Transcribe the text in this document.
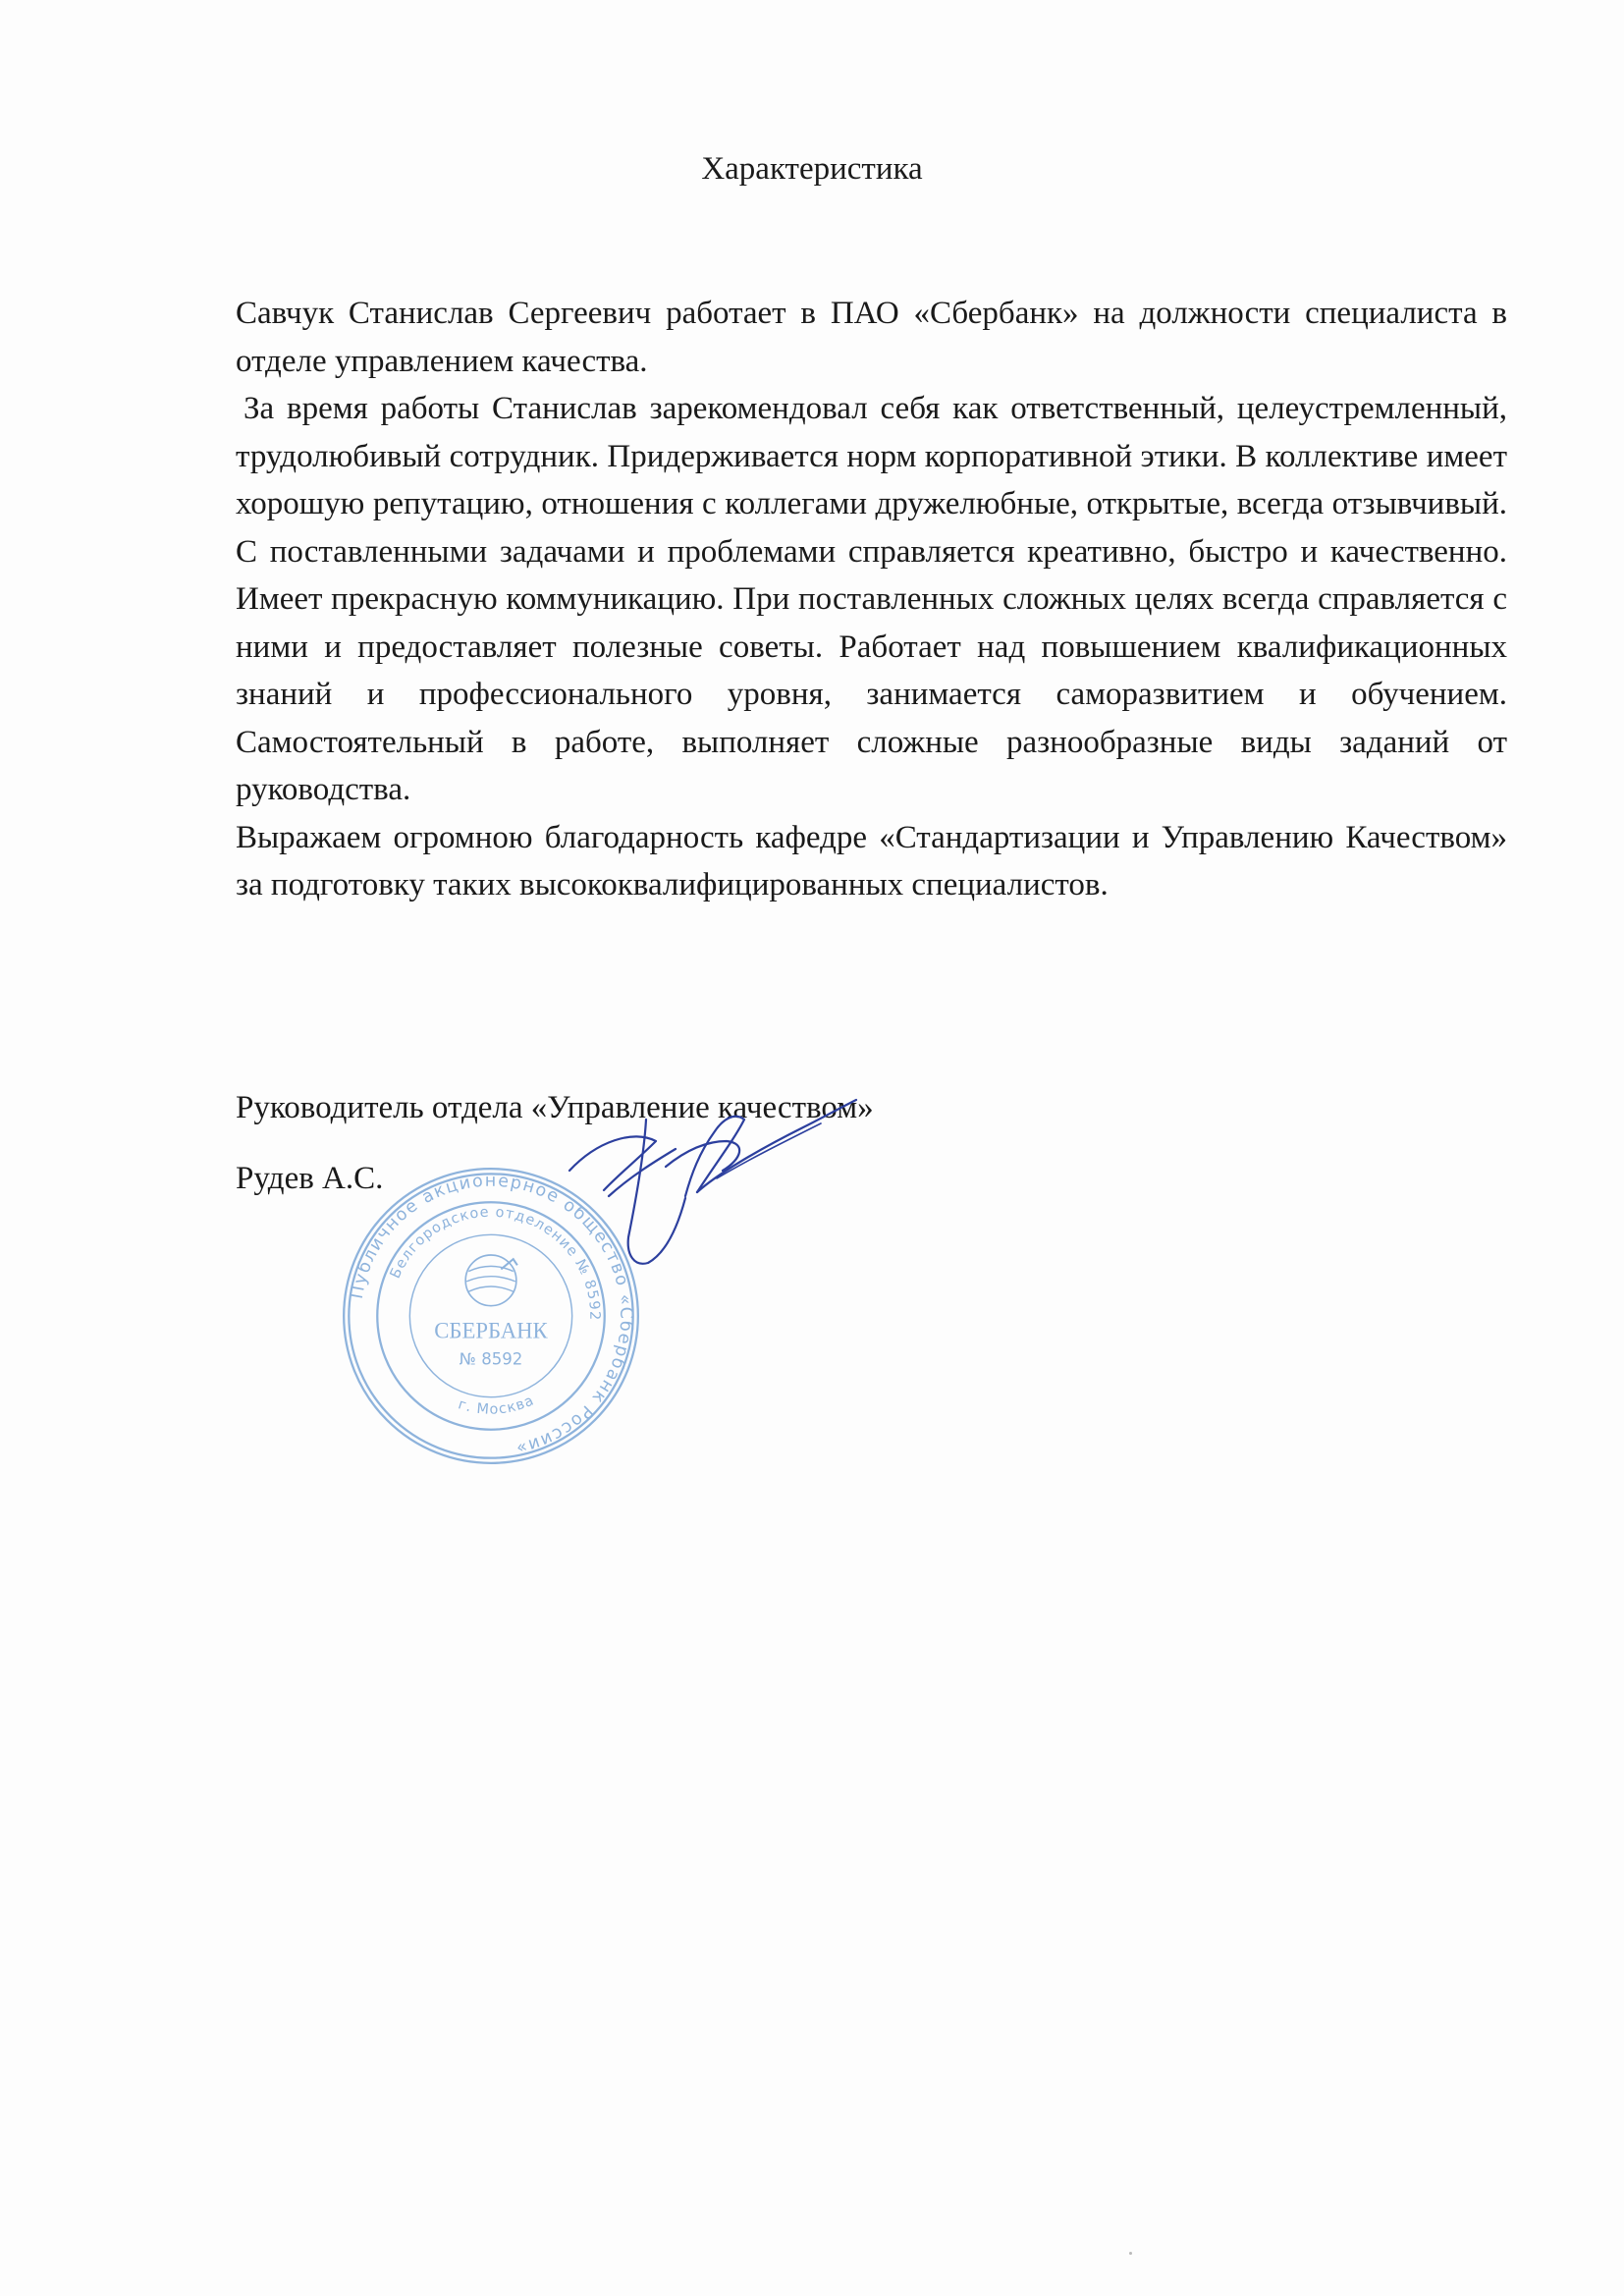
Характеристика

Савчук Станислав Сергеевич работает в ПАО «Сбербанк» на должности специалиста в отделе управлением качества.

За время работы Станислав зарекомендовал себя как ответственный, целеустремленный, трудолюбивый сотрудник. Придерживается норм корпоративной этики. В коллективе имеет хорошую репутацию, отношения с коллегами дружелюбные, открытые, всегда отзывчивый. С поставленными задачами и проблемами справляется креативно, быстро и качественно. Имеет прекрасную коммуникацию. При поставленных сложных целях всегда справляется с ними и предоставляет полезные советы. Работает над повышением квалификационных знаний и профессионального уровня, занимается саморазвитием и обучением. Самостоятельный в работе, выполняет сложные разнообразные виды заданий от руководства.

Выражаем огромною благодарность кафедре «Стандартизации и Управлению Качеством» за подготовку таких высококвалифицированных специалистов.

Руководитель отдела «Управление качеством»
Рудев А.С.
Публичное акционерное общество «Сбербанк России»
Белгородское отделение № 8592
г. Москва
СБЕРБАНК
№ 8592
